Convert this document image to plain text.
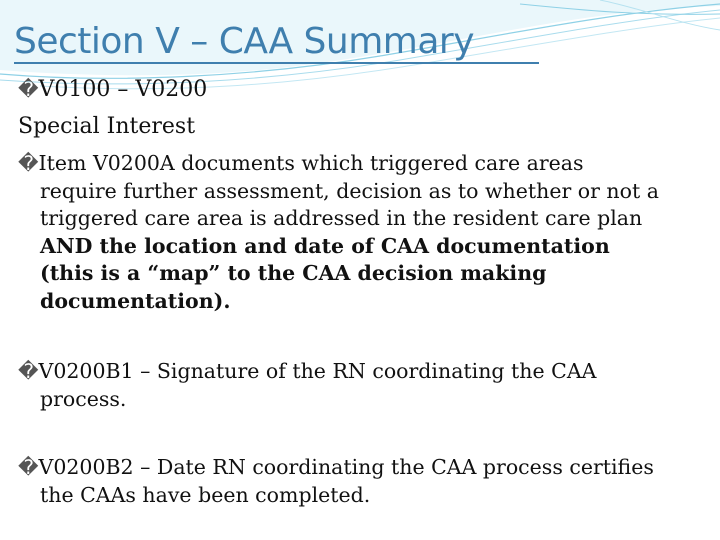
Section V – CAA Summary
�V0100 – V0200
Special Interest
�Item V0200A documents which triggered care areas
require further assessment, decision as to whether or not a
triggered care area is addressed in the resident care plan
AND the location and date of CAA documentation
(this is a “map” to the CAA decision making
documentation).
�V0200B1 – Signature of the RN coordinating the CAA
process.
�V0200B2 – Date RN coordinating the CAA process certifies
the CAAs have been completed.
